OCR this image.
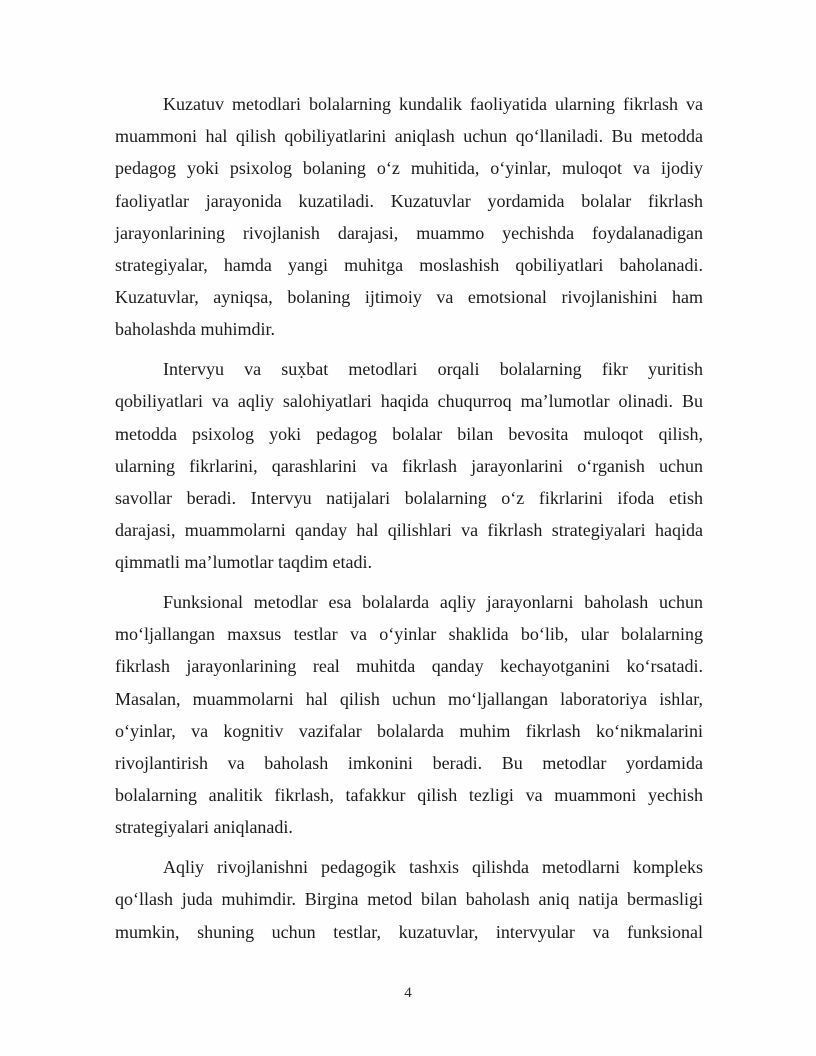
Kuzatuv metodlari bolalarning kundalik faoliyatida ularning fikrlash va
muammoni hal qilish qobiliyatlarini aniqlash uchun qoʻllaniladi. Bu metodda
pedagog yoki psixolog bolaning oʻz muhitida, oʻyinlar, muloqot va ijodiy
faoliyatlar jarayonida kuzatiladi. Kuzatuvlar yordamida bolalar fikrlash
jarayonlarining rivojlanish darajasi, muammo yechishda foydalanadigan
strategiyalar, hamda yangi muhitga moslashish qobiliyatlari baholanadi.
Kuzatuvlar, ayniqsa, bolaning ijtimoiy va emotsional rivojlanishini ham
baholashda muhimdir.
Intervyu va sux̣bat metodlari orqali bolalarning fikr yuritish
qobiliyatlari va aqliy salohiyatlari haqida chuqurroq ma’lumotlar olinadi. Bu
metodda psixolog yoki pedagog bolalar bilan bevosita muloqot qilish,
ularning fikrlarini, qarashlarini va fikrlash jarayonlarini oʻrganish uchun
savollar beradi. Intervyu natijalari bolalarning oʻz fikrlarini ifoda etish
darajasi, muammolarni qanday hal qilishlari va fikrlash strategiyalari haqida
qimmatli ma’lumotlar taqdim etadi.
Funksional metodlar esa bolalarda aqliy jarayonlarni baholash uchun
moʻljallangan maxsus testlar va oʻyinlar shaklida boʻlib, ular bolalarning
fikrlash jarayonlarining real muhitda qanday kechayotganini koʻrsatadi.
Masalan, muammolarni hal qilish uchun moʻljallangan laboratoriya ishlar,
oʻyinlar, va kognitiv vazifalar bolalarda muhim fikrlash koʻnikmalarini
rivojlantirish va baholash imkonini beradi. Bu metodlar yordamida
bolalarning analitik fikrlash, tafakkur qilish tezligi va muammoni yechish
strategiyalari aniqlanadi.
Aqliy rivojlanishni pedagogik tashxis qilishda metodlarni kompleks
qoʻllash juda muhimdir. Birgina metod bilan baholash aniq natija bermasligi
mumkin, shuning uchun testlar, kuzatuvlar, intervyular va funksional
4
